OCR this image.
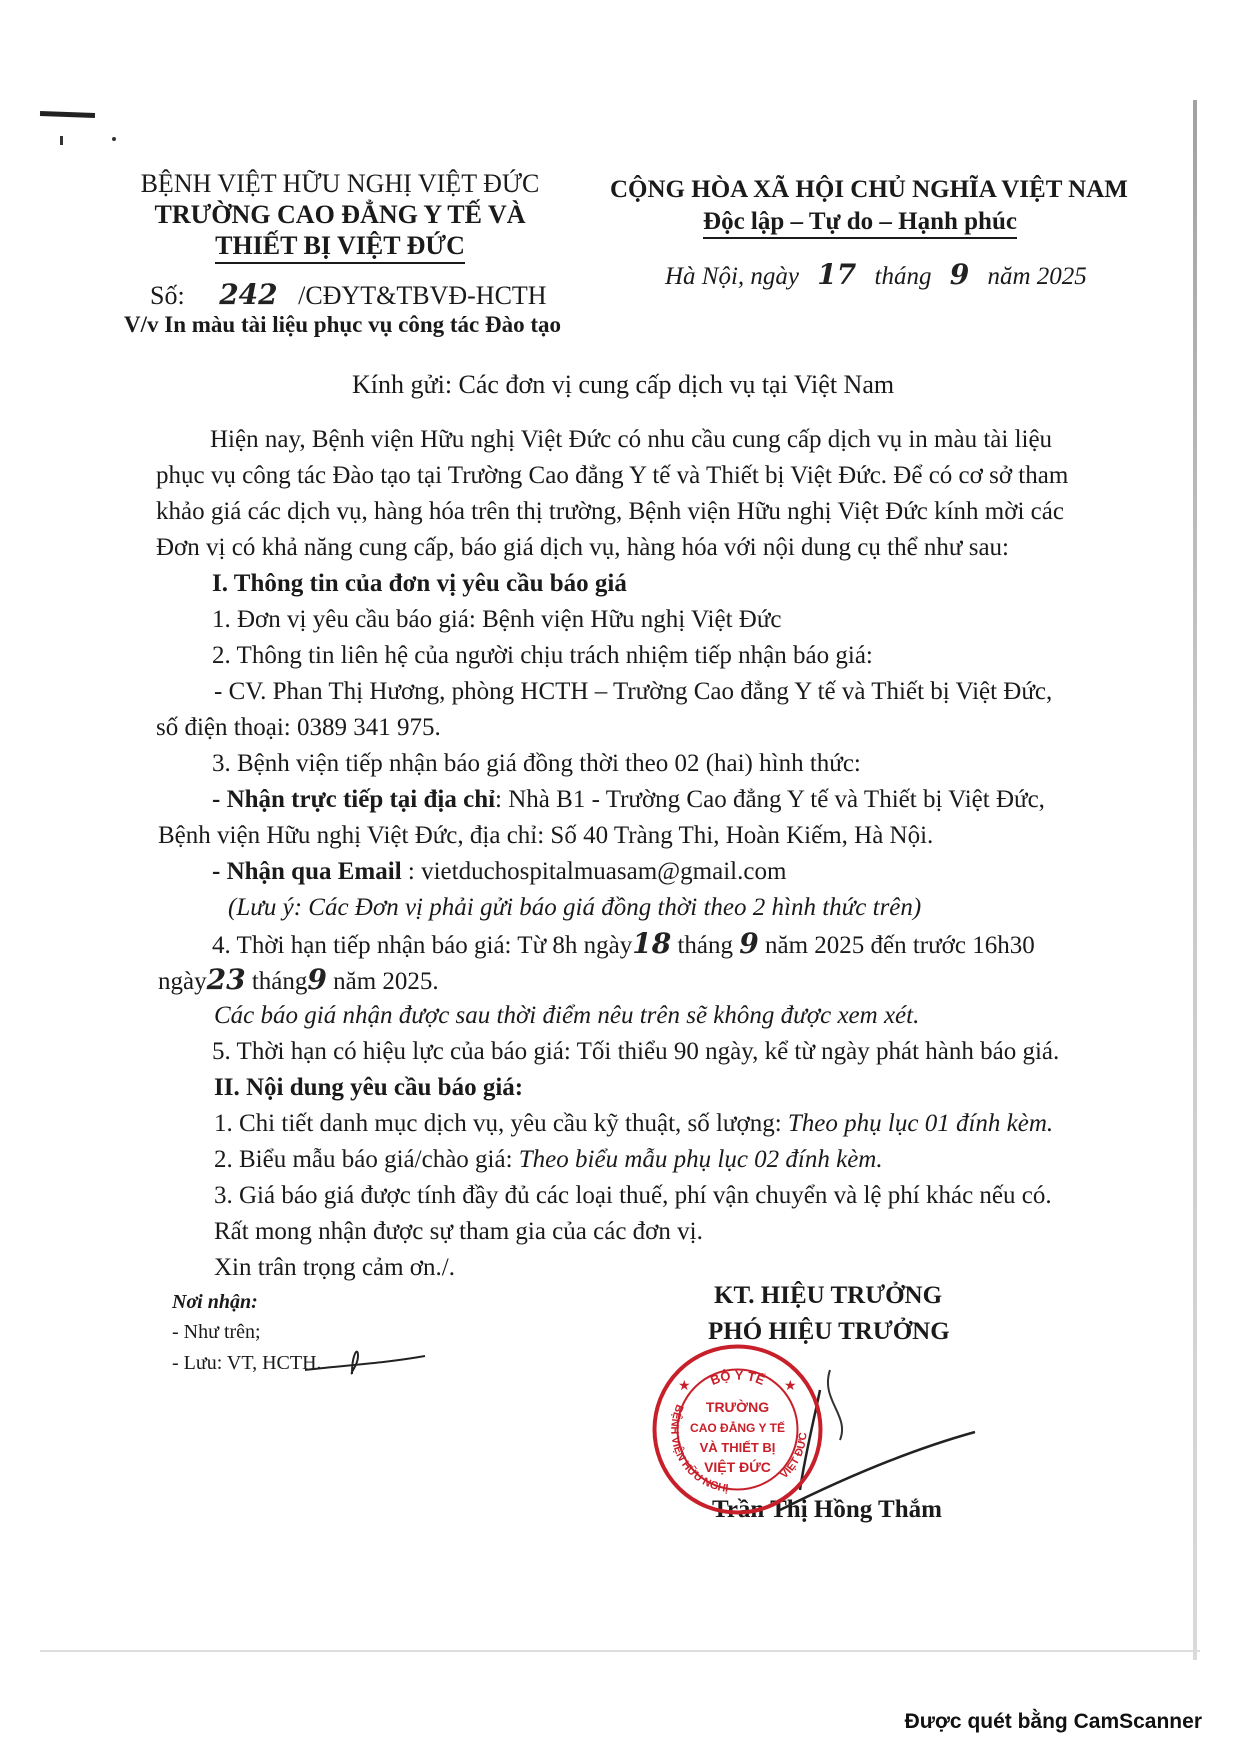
BỆNH VIỆT HỮU NGHỊ VIỆT ĐỨC
TRƯỜNG CAO ĐẲNG Y TẾ VÀ
THIẾT BỊ VIỆT ĐỨC
Số: 242 /CĐYT&TBVĐ-HCTH
V/v In màu tài liệu phục vụ công tác Đào tạo
CỘNG HÒA XÃ HỘI CHỦ NGHĨA VIỆT NAM
Độc lập – Tự do – Hạnh phúc
Hà Nội, ngày 17 tháng 9 năm 2025
Kính gửi: Các đơn vị cung cấp dịch vụ tại Việt Nam
Hiện nay, Bệnh viện Hữu nghị Việt Đức có nhu cầu cung cấp dịch vụ in màu tài liệu
phục vụ công tác Đào tạo tại Trường Cao đẳng Y tế và Thiết bị Việt Đức. Để có cơ sở tham
khảo giá các dịch vụ, hàng hóa trên thị trường, Bệnh viện Hữu nghị Việt Đức kính mời các
Đơn vị có khả năng cung cấp, báo giá dịch vụ, hàng hóa với nội dung cụ thể như sau:
I. Thông tin của đơn vị yêu cầu báo giá
1. Đơn vị yêu cầu báo giá: Bệnh viện Hữu nghị Việt Đức
2. Thông tin liên hệ của người chịu trách nhiệm tiếp nhận báo giá:
- CV. Phan Thị Hương, phòng HCTH – Trường Cao đẳng Y tế và Thiết bị Việt Đức,
số điện thoại: 0389 341 975.
3. Bệnh viện tiếp nhận báo giá đồng thời theo 02 (hai) hình thức:
- Nhận trực tiếp tại địa chỉ: Nhà B1 - Trường Cao đẳng Y tế và Thiết bị Việt Đức,
Bệnh viện Hữu nghị Việt Đức, địa chỉ: Số 40 Tràng Thi, Hoàn Kiếm, Hà Nội.
- Nhận qua Email : vietduchospitalmuasam@gmail.com
(Lưu ý: Các Đơn vị phải gửi báo giá đồng thời theo 2 hình thức trên)
4. Thời hạn tiếp nhận báo giá: Từ 8h ngày18 tháng 9 năm 2025 đến trước 16h30
ngày23 tháng9 năm 2025.
Các báo giá nhận được sau thời điểm nêu trên sẽ không được xem xét.
5. Thời hạn có hiệu lực của báo giá: Tối thiểu 90 ngày, kể từ ngày phát hành báo giá.
II. Nội dung yêu cầu báo giá:
1. Chi tiết danh mục dịch vụ, yêu cầu kỹ thuật, số lượng: Theo phụ lục 01 đính kèm.
2. Biểu mẫu báo giá/chào giá: Theo biểu mẫu phụ lục 02 đính kèm.
3. Giá báo giá được tính đầy đủ các loại thuế, phí vận chuyển và lệ phí khác nếu có.
Rất mong nhận được sự tham gia của các đơn vị.
Xin trân trọng cảm ơn./.
Nơi nhận:
- Như trên;
- Lưu: VT, HCTH.
KT. HIỆU TRƯỞNG
PHÓ HIỆU TRƯỞNG
Trần Thị Hồng Thắm
★	★
BỘ Y TẾ
BỆNH VIỆN HỮU NGHỊ
VIỆT ĐỨC
TRƯỜNG
CAO ĐẲNG Y TẾ
VÀ THIẾT BỊ
VIỆT ĐỨC
Được quét bằng CamScanner
